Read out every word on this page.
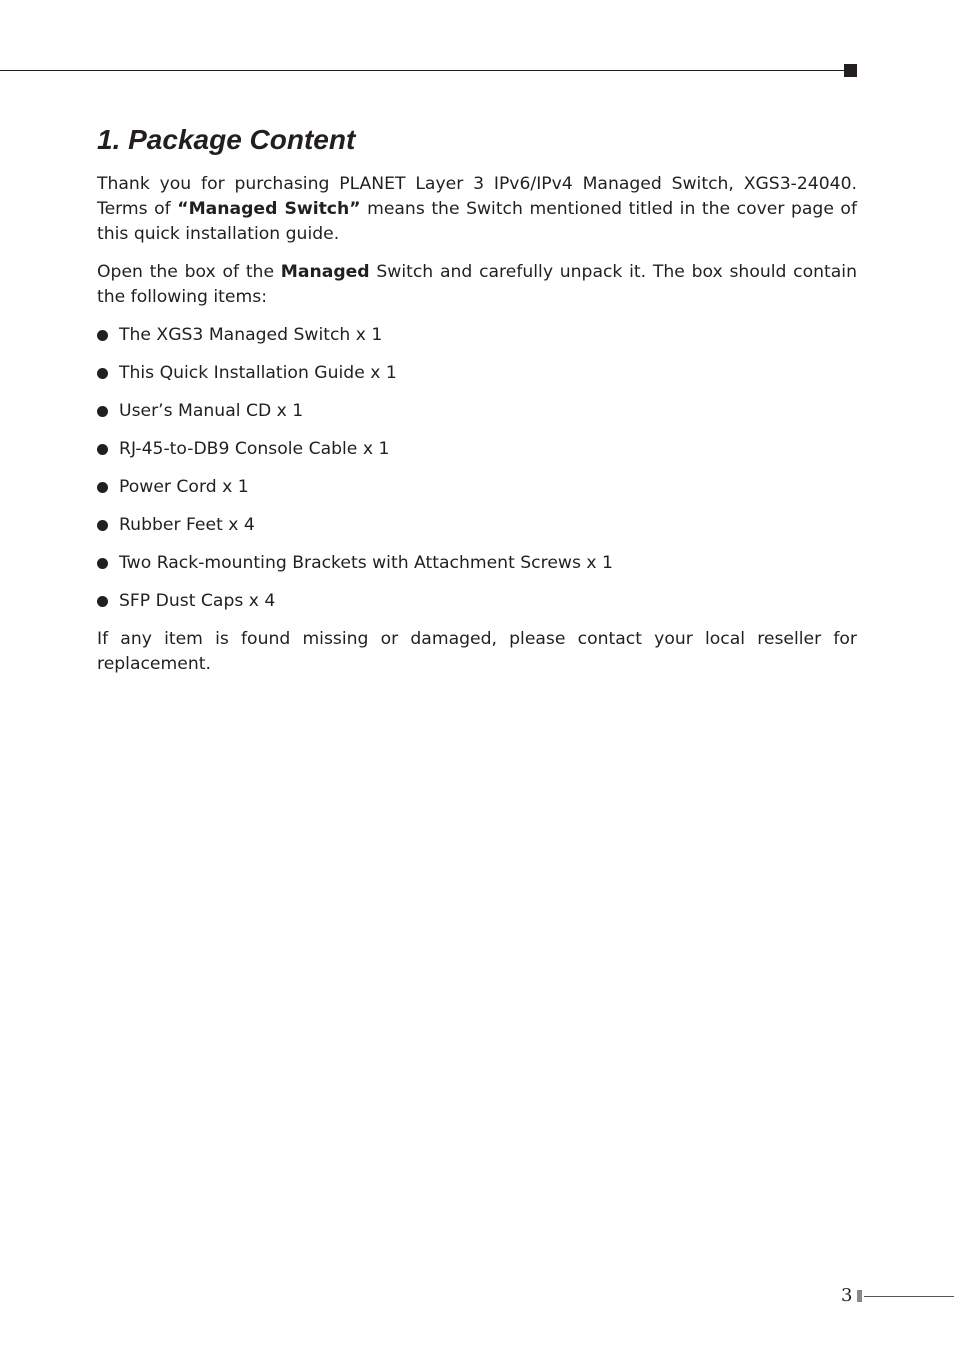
1. Package Content

Thank you for purchasing PLANET Layer 3 IPv6/IPv4 Managed Switch, XGS3-24040. Terms of “Managed Switch” means the Switch mentioned titled in the cover page of this quick installation guide.

Open the box of the Managed Switch and carefully unpack it. The box should contain the following items:

The XGS3 Managed Switch x 1
This Quick Installation Guide x 1
User’s Manual CD x 1
RJ-45-to-DB9 Console Cable x 1
Power Cord x 1
Rubber Feet x 4
Two Rack-mounting Brackets with Attachment Screws x 1
SFP Dust Caps x 4

If any item is found missing or damaged, please contact your local reseller for replacement.

3
